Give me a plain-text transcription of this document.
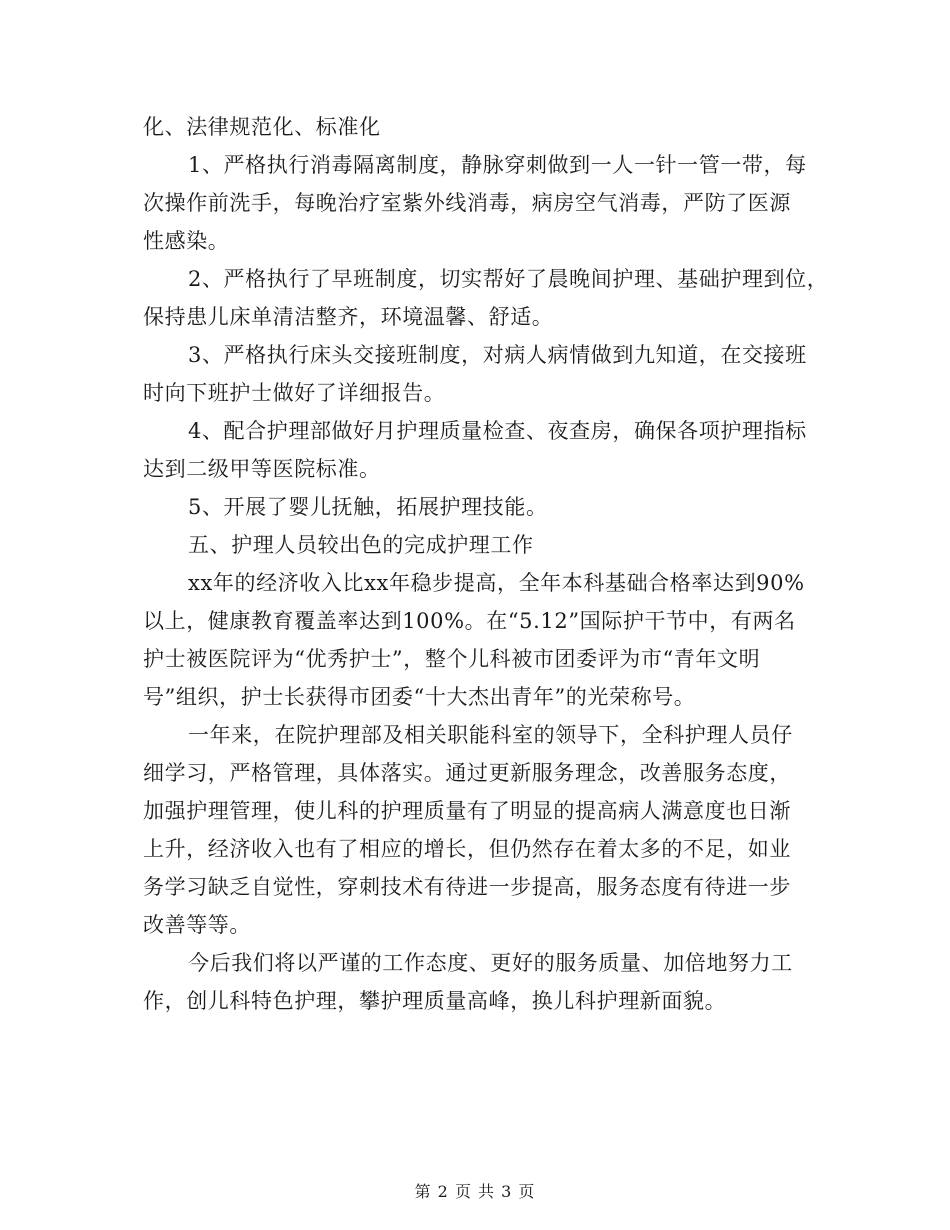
化、法律规范化、标准化
1、严格执行消毒隔离制度，静脉穿刺做到一人一针一管一带，每
次操作前洗手，每晚治疗室紫外线消毒，病房空气消毒，严防了医源
性感染。
2、严格执行了早班制度，切实帮好了晨晚间护理、基础护理到位，
保持患儿床单清洁整齐，环境温馨、舒适。
3、严格执行床头交接班制度，对病人病情做到九知道，在交接班
时向下班护士做好了详细报告。
4、配合护理部做好月护理质量检查、夜查房，确保各项护理指标
达到二级甲等医院标准。
5、开展了婴儿抚触，拓展护理技能。
五、护理人员较出色的完成护理工作
xx年的经济收入比xx年稳步提高，全年本科基础合格率达到90%
以上，健康教育覆盖率达到100%。在“5.12”国际护干节中，有两名
护士被医院评为“优秀护士”，整个儿科被市团委评为市“青年文明
号”组织，护士长获得市团委“十大杰出青年”的光荣称号。
一年来，在院护理部及相关职能科室的领导下，全科护理人员仔
细学习，严格管理，具体落实。通过更新服务理念，改善服务态度，
加强护理管理，使儿科的护理质量有了明显的提高病人满意度也日渐
上升，经济收入也有了相应的增长，但仍然存在着太多的不足，如业
务学习缺乏自觉性，穿刺技术有待进一步提高，服务态度有待进一步
改善等等。
今后我们将以严谨的工作态度、更好的服务质量、加倍地努力工
作，创儿科特色护理，攀护理质量高峰，换儿科护理新面貌。
第 2 页 共 3 页
